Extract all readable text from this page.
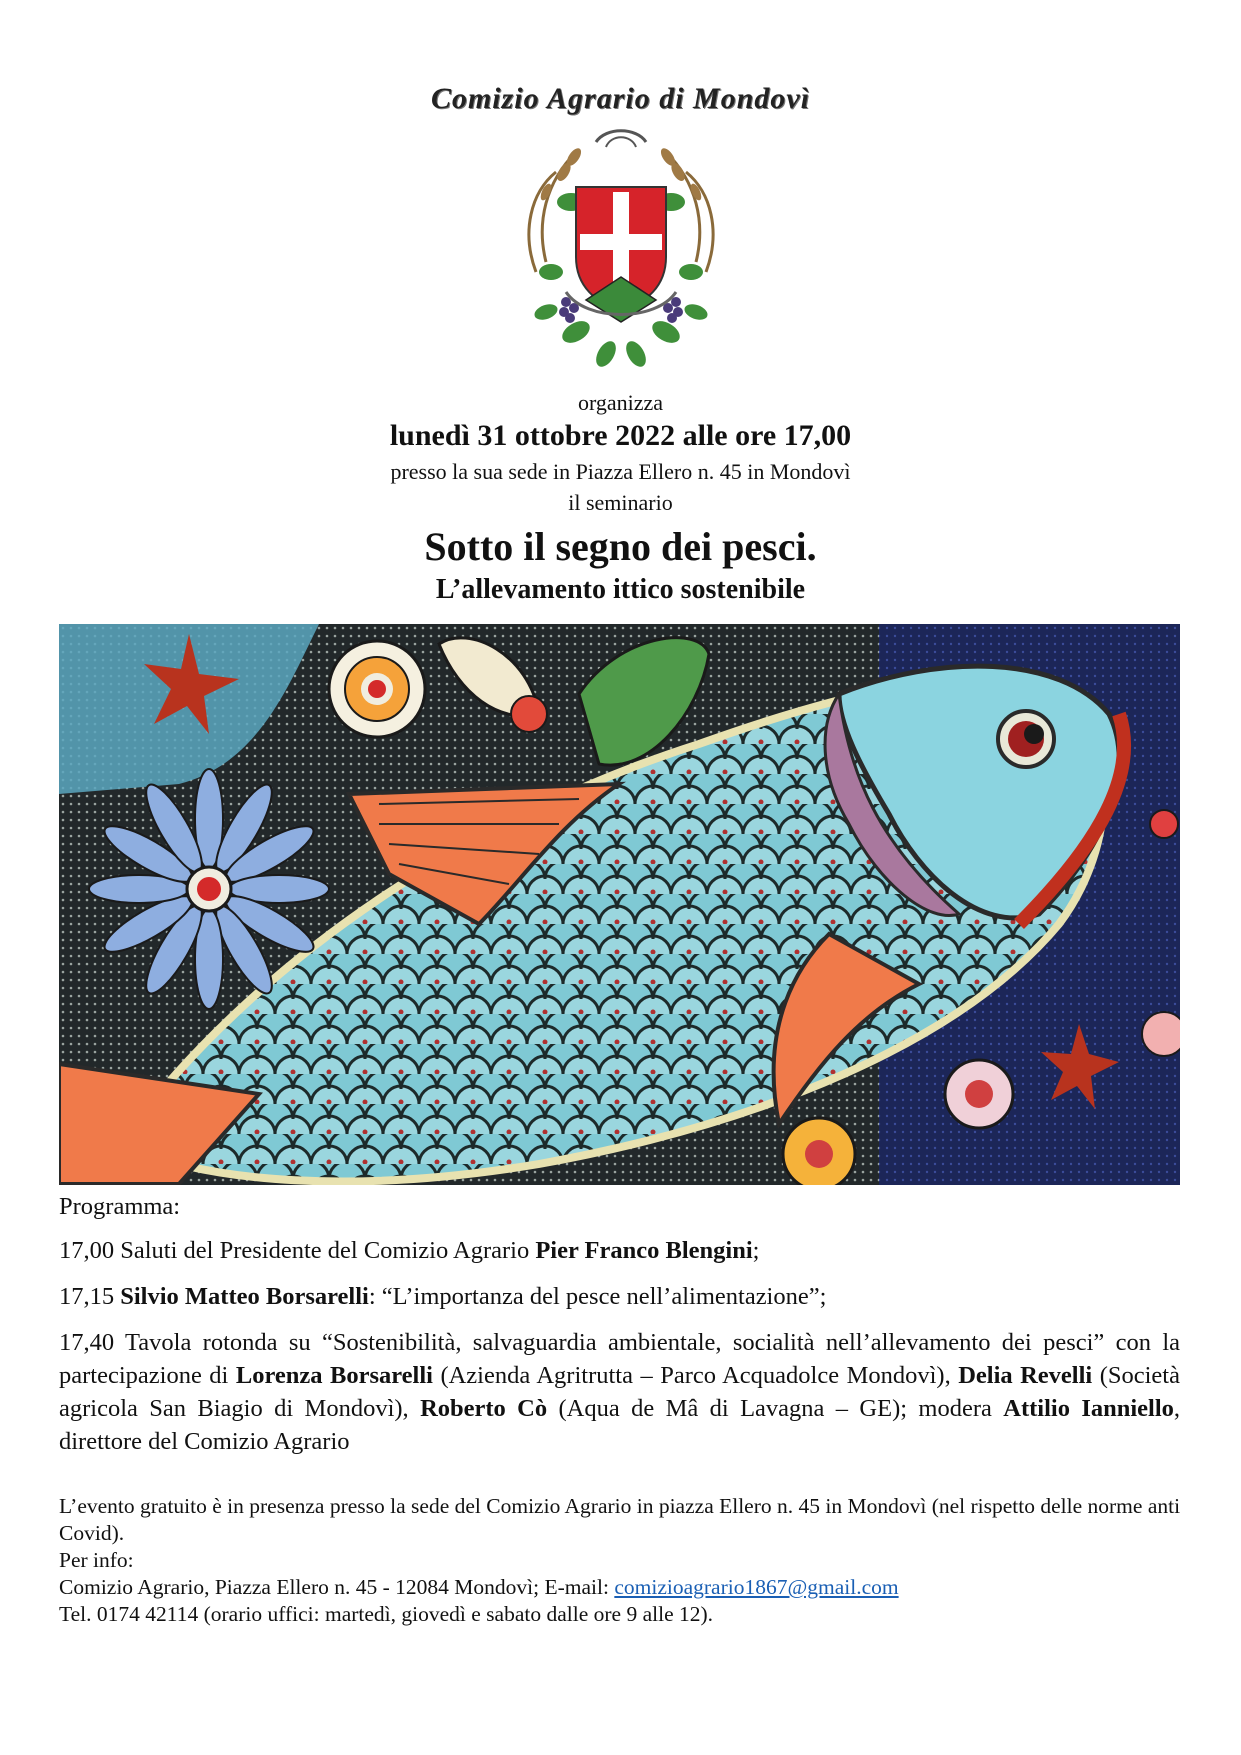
Comizio Agrario di Mondovì
organizza
lunedì 31 ottobre 2022 alle ore 17,00
presso la sua sede in Piazza Ellero n. 45 in Mondovì
il seminario
Sotto il segno dei pesci.
L’allevamento ittico sostenibile
Programma:
17,00 Saluti del Presidente del Comizio Agrario Pier Franco Blengini;
17,15 Silvio Matteo Borsarelli: “L’importanza del pesce nell’alimentazione”;
17,40 Tavola rotonda su “Sostenibilità, salvaguardia ambientale, socialità nell’allevamento dei pesci” con la partecipazione di Lorenza Borsarelli (Azienda Agritrutta – Parco Acquadolce Mondovì), Delia Revelli (Società agricola San Biagio di Mondovì), Roberto Cò (Aqua de Mâ di Lavagna – GE); modera Attilio Ianniello, direttore del Comizio Agrario

L’evento gratuito è in presenza presso la sede del Comizio Agrario in piazza Ellero n. 45 in Mondovì (nel rispetto delle norme anti Covid).

Per info:

Comizio Agrario, Piazza Ellero n. 45 - 12084 Mondovì; E-mail: comizioagrario1867@gmail.com

Tel. 0174 42114 (orario uffici: martedì, giovedì e sabato dalle ore 9 alle 12).
